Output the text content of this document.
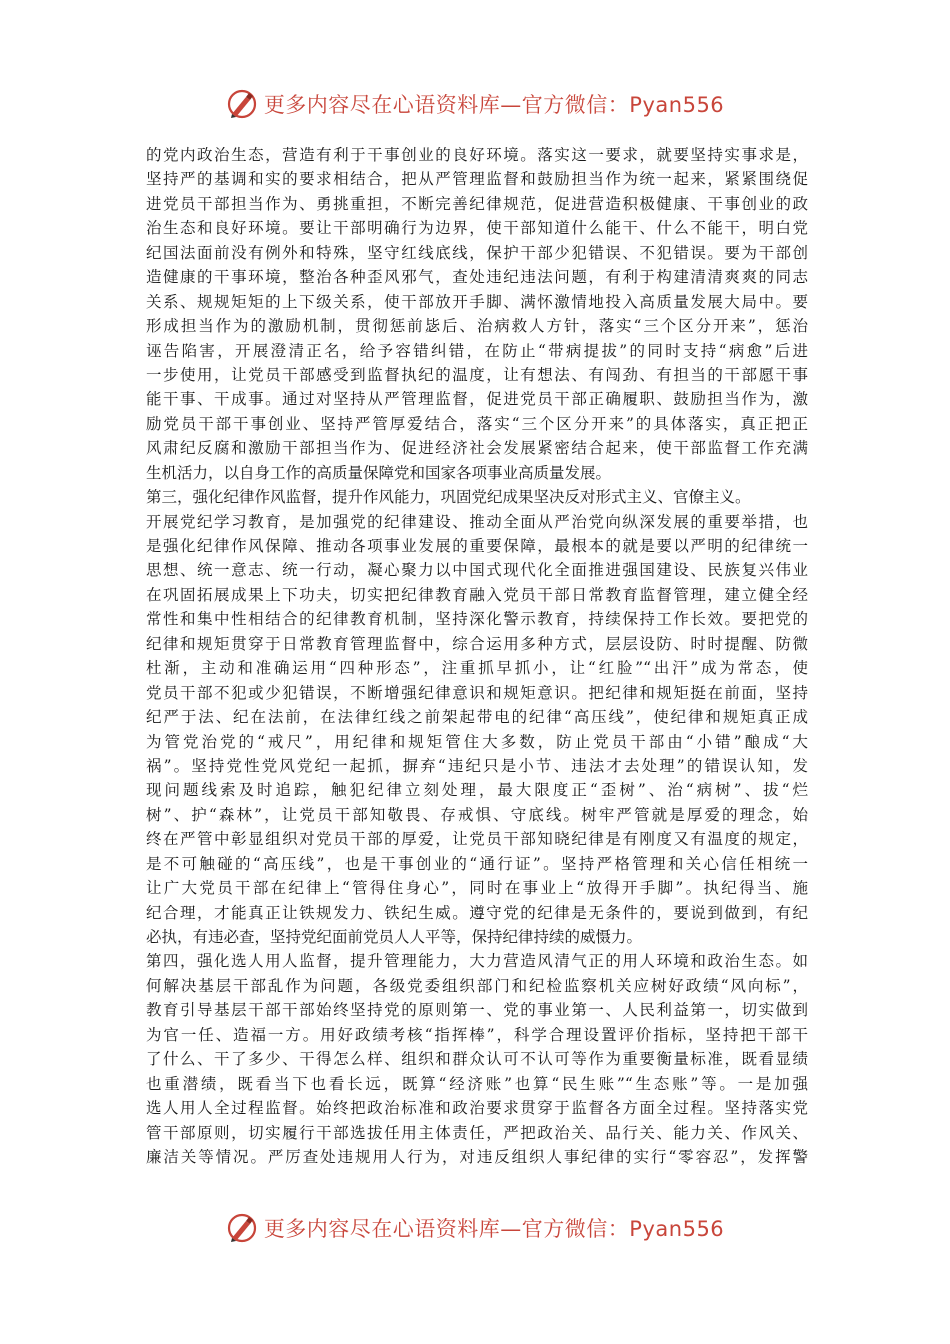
更多内容尽在心语资料库—官方微信：Pyan556
的党内政治生态，营造有利于干事创业的良好环境。落实这一要求，就要坚持实事求是，
坚持严的基调和实的要求相结合，把从严管理监督和鼓励担当作为统一起来，紧紧围绕促
进党员干部担当作为、勇挑重担，不断完善纪律规范，促进营造积极健康、干事创业的政
治生态和良好环境。要让干部明确行为边界，使干部知道什么能干、什么不能干，明白党
纪国法面前没有例外和特殊，坚守红线底线，保护干部少犯错误、不犯错误。要为干部创
造健康的干事环境，整治各种歪风邪气，查处违纪违法问题，有利于构建清清爽爽的同志
关系、规规矩矩的上下级关系，使干部放开手脚、满怀激情地投入高质量发展大局中。要
形成担当作为的激励机制，贯彻惩前毖后、治病救人方针，落实“三个区分开来”，惩治
诬告陷害，开展澄清正名，给予容错纠错，在防止“带病提拔”的同时支持“病愈”后进
一步使用，让党员干部感受到监督执纪的温度，让有想法、有闯劲、有担当的干部愿干事
能干事、干成事。通过对坚持从严管理监督，促进党员干部正确履职、鼓励担当作为，激
励党员干部干事创业、坚持严管厚爱结合，落实“三个区分开来”的具体落实，真正把正
风肃纪反腐和激励干部担当作为、促进经济社会发展紧密结合起来，使干部监督工作充满
生机活力，以自身工作的高质量保障党和国家各项事业高质量发展。
第三，强化纪律作风监督，提升作风能力，巩固党纪成果坚决反对形式主义、官僚主义。
开展党纪学习教育，是加强党的纪律建设、推动全面从严治党向纵深发展的重要举措，也
是强化纪律作风保障、推动各项事业发展的重要保障，最根本的就是要以严明的纪律统一
思想、统一意志、统一行动，凝心聚力以中国式现代化全面推进强国建设、民族复兴伟业
在巩固拓展成果上下功夫，切实把纪律教育融入党员干部日常教育监督管理，建立健全经
常性和集中性相结合的纪律教育机制，坚持深化警示教育，持续保持工作长效。要把党的
纪律和规矩贯穿于日常教育管理监督中，综合运用多种方式，层层设防、时时提醒、防微
杜渐，主动和准确运用“四种形态”，注重抓早抓小，让“红脸”“出汗”成为常态，使
党员干部不犯或少犯错误，不断增强纪律意识和规矩意识。把纪律和规矩挺在前面，坚持
纪严于法、纪在法前，在法律红线之前架起带电的纪律“高压线”，使纪律和规矩真正成
为管党治党的“戒尺”，用纪律和规矩管住大多数，防止党员干部由“小错”酿成“大
祸”。坚持党性党风党纪一起抓，摒弃“违纪只是小节、违法才去处理”的错误认知，发
现问题线索及时追踪，触犯纪律立刻处理，最大限度正“歪树”、治“病树”、拔“烂
树”、护“森林”，让党员干部知敬畏、存戒惧、守底线。树牢严管就是厚爱的理念，始
终在严管中彰显组织对党员干部的厚爱，让党员干部知晓纪律是有刚度又有温度的规定，
是不可触碰的“高压线”，也是干事创业的“通行证”。坚持严格管理和关心信任相统一
让广大党员干部在纪律上“管得住身心”，同时在事业上“放得开手脚”。执纪得当、施
纪合理，才能真正让铁规发力、铁纪生威。遵守党的纪律是无条件的，要说到做到，有纪
必执，有违必查，坚持党纪面前党员人人平等，保持纪律持续的威慑力。
第四，强化选人用人监督，提升管理能力，大力营造风清气正的用人环境和政治生态。如
何解决基层干部乱作为问题，各级党委组织部门和纪检监察机关应树好政绩“风向标”，
教育引导基层干部干部始终坚持党的原则第一、党的事业第一、人民利益第一，切实做到
为官一任、造福一方。用好政绩考核“指挥棒”，科学合理设置评价指标，坚持把干部干
了什么、干了多少、干得怎么样、组织和群众认可不认可等作为重要衡量标准，既看显绩
也重潜绩，既看当下也看长远，既算“经济账”也算“民生账”“生态账”等。一是加强
选人用人全过程监督。始终把政治标准和政治要求贯穿于监督各方面全过程。坚持落实党
管干部原则，切实履行干部选拔任用主体责任，严把政治关、品行关、能力关、作风关、
廉洁关等情况。严厉查处违规用人行为，对违反组织人事纪律的实行“零容忍”，发挥警
更多内容尽在心语资料库—官方微信：Pyan556
